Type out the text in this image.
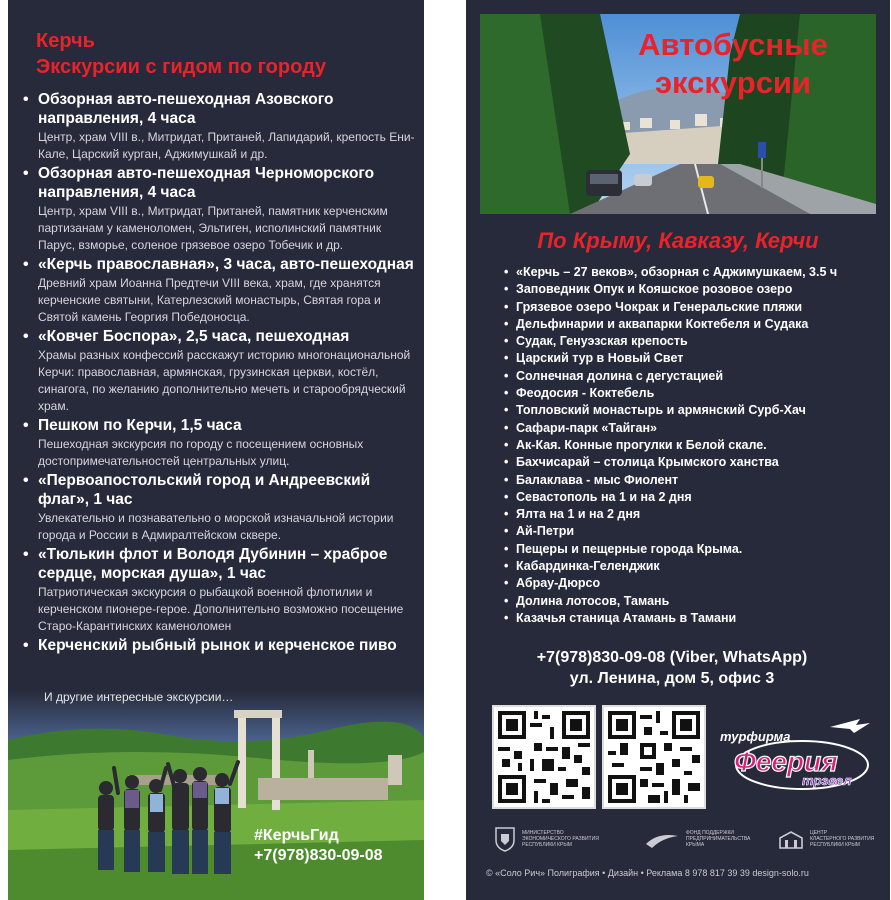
Керчь
Экскурсии с гидом по городу
• Обзорная авто-пешеходная Азовского направления, 4 часа
Центр, храм VIII в., Митридат, Пританей, Лапидарий, крепость Ени-Кале, Царский курган, Аджимушкай и др.
• Обзорная авто-пешеходная Черноморского направления, 4 часа
Центр, храм VIII в., Митридат, Пританей, памятник керченским партизанам у каменоломен, Эльтиген, исполинский памятник Парус, взморье, соленое грязевое озеро Тобечик и др.
• «Керчь православная», 3 часа, авто-пешеходная
Древний храм Иоанна Предтечи VIII века, храм, где хранятся керченские святыни, Катерлезский монастырь, Святая гора и Святой камень Георгия Победоносца.
• «Ковчег Боспора», 2,5 часа, пешеходная
Храмы разных конфессий расскажут историю многонациональной Керчи: православная, армянская, грузинская церкви, костёл, синагога, по желанию дополнительно мечеть и старообрядческий храм.
• Пешком по Керчи, 1,5 часа
Пешеходная экскурсия по городу с посещением основных достопримечательностей центральных улиц.
• «Первоапостольский город и Андреевский флаг», 1 час
Увлекательно и познавательно о морской изначальной истории города и России в Адмиралтейском сквере.
• «Тюлькин флот и Володя Дубинин – храброе сердце, морская душа», 1 час
Патриотическая экскурсия о рыбацкой военной флотилии и керченском пионере-герое. Дополнительно возможно посещение Старо-Карантинских каменоломен
• Керченский рыбный рынок и керченское пиво
И другие интересные экскурсии…
#КерчьГид
+7(978)830-09-08
Автобусные экскурсии
По Крыму, Кавказу, Керчи
• «Керчь – 27 веков», обзорная с Аджимушкаем, 3.5 ч
• Заповедник Опук и Кояшское розовое озеро
• Грязевое озеро Чокрак и Генеральские пляжи
• Дельфинарии и аквапарки Коктебеля и Судака
• Судак, Генуэзская крепость
• Царский тур в Новый Свет
• Солнечная долина с дегустацией
• Феодосия - Коктебель
• Топловский монастырь и армянский Сурб-Хач
• Сафари-парк «Тайган»
• Ак-Кая. Конные прогулки к Белой скале.
• Бахчисарай – столица Крымского ханства
• Балаклава - мыс Фиолент
• Севастополь на 1 и на 2 дня
• Ялта на 1 и на 2 дня
• Ай-Петри
• Пещеры и пещерные города Крыма.
• Кабардинка-Геленджик
• Абрау-Дюрсо
• Долина лотосов, Тамань
• Казачья станица Атамань в Тамани
+7(978)830-09-08 (Viber, WhatsApp)
ул. Ленина, дом 5, офис 3
турфирма
Феерия
трэвел
МИНИСТЕРСТВО
ЭКОНОМИЧЕСКОГО РАЗВИТИЯ
РЕСПУБЛИКИ КРЫМ
ФОНД ПОДДЕРЖКИ
ПРЕДПРИНИМАТЕЛЬСТВА
КРЫМА
ЦЕНТР
КЛАСТЕРНОГО РАЗВИТИЯ
РЕСПУБЛИКИ КРЫМ
© «Соло Рич» Полиграфия • Дизайн • Реклама 8 978 817 39 39 design-solo.ru
